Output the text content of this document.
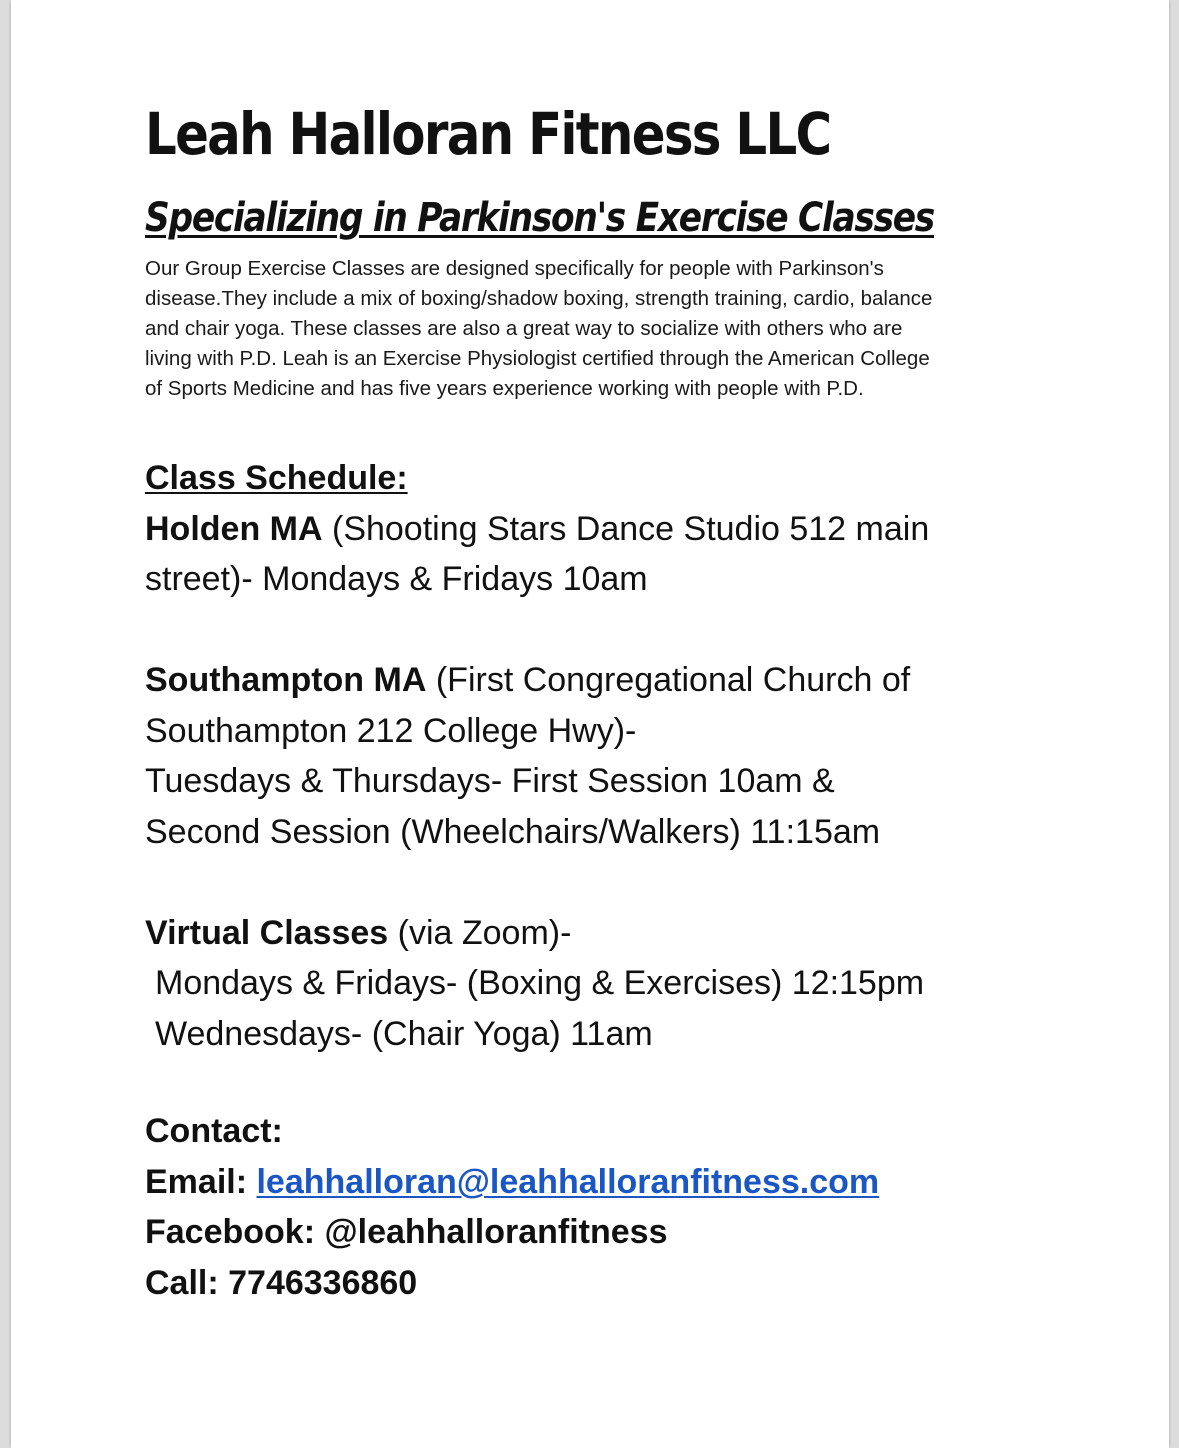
Leah Halloran Fitness LLC
Specializing in Parkinson's Exercise Classes

Our Group Exercise Classes are designed specifically for people with Parkinson's
disease.They include a mix of boxing/shadow boxing, strength training, cardio, balance
and chair yoga. These classes are also a great way to socialize with others who are
living with P.D. Leah is an Exercise Physiologist certified through the American College
of Sports Medicine and has five years experience working with people with P.D.

Class Schedule:

Holden MA (Shooting Stars Dance Studio 512 main

street)- Mondays & Fridays 10am

Southampton MA (First Congregational Church of

Southampton 212 College Hwy)-

Tuesdays & Thursdays- First Session 10am &

Second Session (Wheelchairs/Walkers) 11:15am

Virtual Classes (via Zoom)-

Mondays & Fridays- (Boxing & Exercises) 12:15pm

Wednesdays- (Chair Yoga) 11am

Contact:

Email: leahhalloran@leahhalloranfitness.com

Facebook: @leahhalloranfitness

Call: 7746336860
